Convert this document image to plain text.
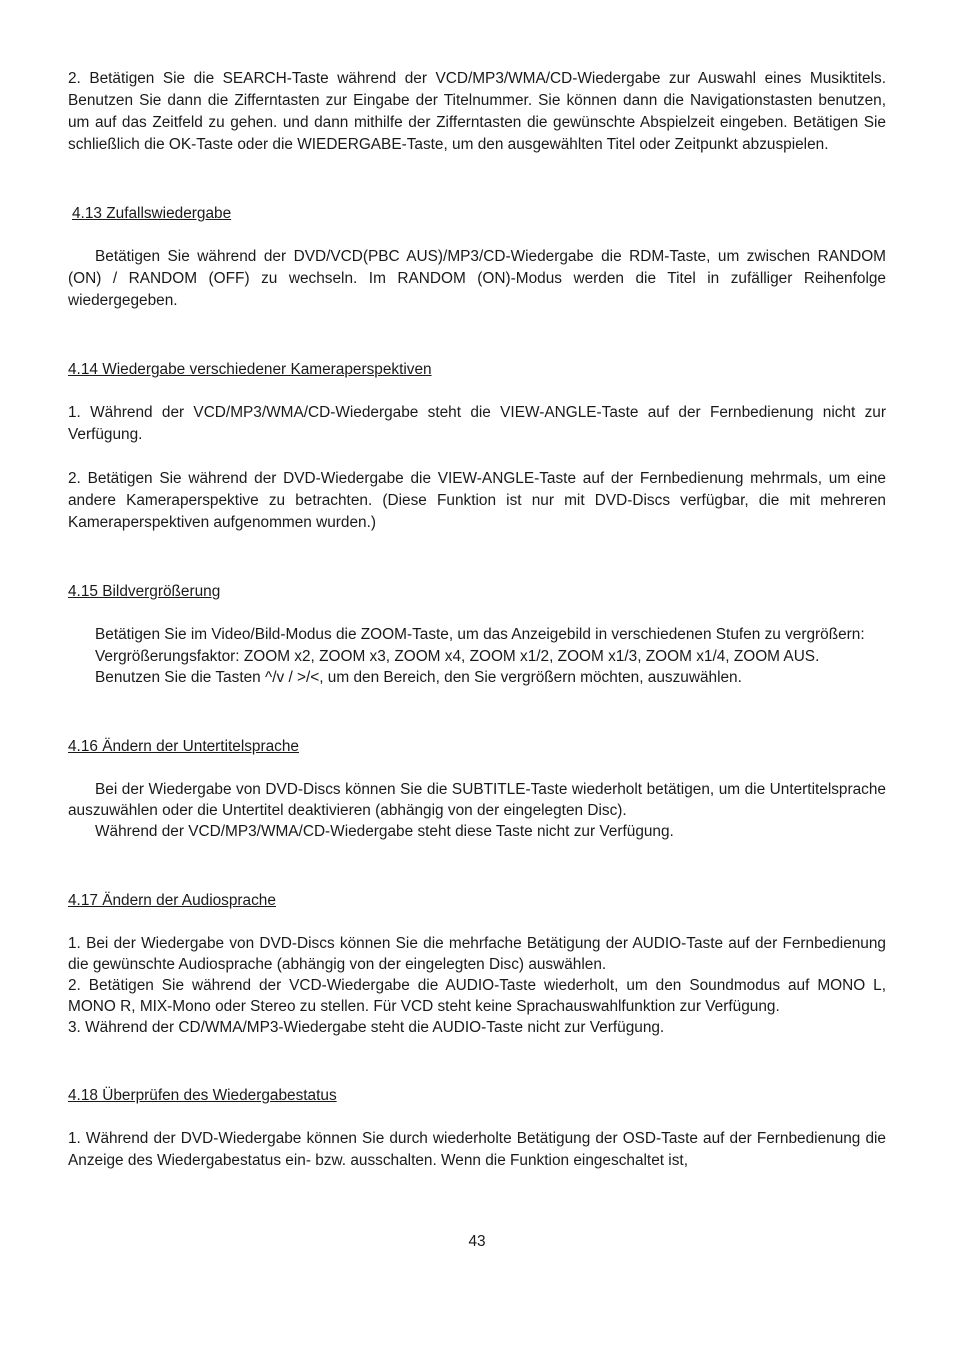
2. Betätigen Sie die SEARCH-Taste während der VCD/MP3/WMA/CD-Wiedergabe zur Auswahl eines Musiktitels. Benutzen Sie dann die Zifferntasten zur Eingabe der Titelnummer. Sie können dann die Navigationstasten benutzen, um auf das Zeitfeld zu gehen. und dann mithilfe der Zifferntasten die gewünschte Abspielzeit eingeben. Betätigen Sie schließlich die OK-Taste oder die WIEDERGABE-Taste, um den ausgewählten Titel oder Zeitpunkt abzuspielen.

4.13 Zufallswiedergabe

Betätigen Sie während der DVD/VCD(PBC AUS)/MP3/CD-Wiedergabe die RDM-Taste, um zwischen RANDOM (ON) / RANDOM (OFF) zu wechseln. Im RANDOM (ON)-Modus werden die Titel in zufälliger Reihenfolge wiedergegeben.

4.14 Wiedergabe verschiedener Kameraperspektiven

1. Während der VCD/MP3/WMA/CD-Wiedergabe steht die VIEW-ANGLE-Taste auf der Fernbedienung nicht zur Verfügung.

2. Betätigen Sie während der DVD-Wiedergabe die VIEW-ANGLE-Taste auf der Fernbedienung mehrmals, um eine andere Kameraperspektive zu betrachten. (Diese Funktion ist nur mit DVD-Discs verfügbar, die mit mehreren Kameraperspektiven aufgenommen wurden.)

4.15 Bildvergrößerung

Betätigen Sie im Video/Bild-Modus die ZOOM-Taste, um das Anzeigebild in verschiedenen Stufen zu vergrößern:

Vergrößerungsfaktor: ZOOM x2, ZOOM x3, ZOOM x4, ZOOM x1/2, ZOOM x1/3, ZOOM x1/4, ZOOM AUS.

Benutzen Sie die Tasten ^/v / >/<, um den Bereich, den Sie vergrößern möchten, auszuwählen.

4.16 Ändern der Untertitelsprache

Bei der Wiedergabe von DVD-Discs können Sie die SUBTITLE-Taste wiederholt betätigen, um die Untertitelsprache auszuwählen oder die Untertitel deaktivieren (abhängig von der eingelegten Disc).

Während der VCD/MP3/WMA/CD-Wiedergabe steht diese Taste nicht zur Verfügung.

4.17 Ändern der Audiosprache

1. Bei der Wiedergabe von DVD-Discs können Sie die mehrfache Betätigung der AUDIO-Taste auf der Fernbedienung die gewünschte Audiosprache (abhängig von der eingelegten Disc) auswählen.

2. Betätigen Sie während der VCD-Wiedergabe die AUDIO-Taste wiederholt, um den Soundmodus auf MONO L, MONO R, MIX-Mono oder Stereo zu stellen. Für VCD steht keine Sprachauswahlfunktion zur Verfügung.

3. Während der CD/WMA/MP3-Wiedergabe steht die AUDIO-Taste nicht zur Verfügung.

4.18 Überprüfen des Wiedergabestatus

1. Während der DVD-Wiedergabe können Sie durch wiederholte Betätigung der OSD-Taste auf der Fernbedienung die Anzeige des Wiedergabestatus ein- bzw. ausschalten. Wenn die Funktion eingeschaltet ist,

43
